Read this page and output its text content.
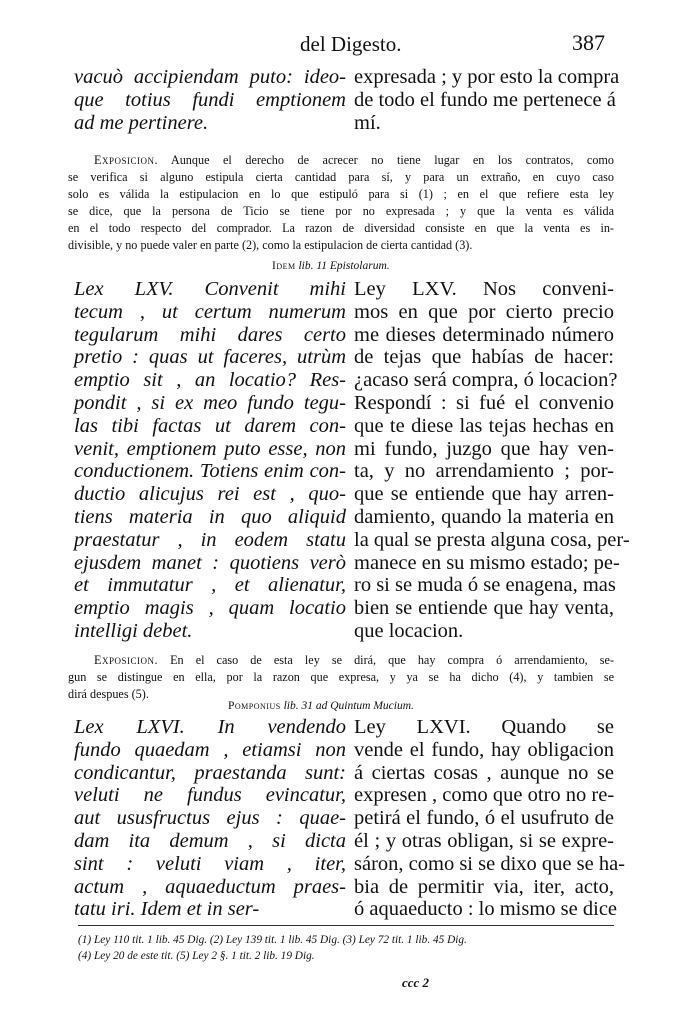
del Digesto.	387
vacuò accipiendam puto: ideo-
que totius fundi emptionem
ad me pertinere.
expresada ; y por esto la compra
de todo el fundo me pertenece á
mí.
Exposicion. Aunque el derecho de acrecer no tiene lugar en los contratos, como
se verifica si alguno estipula cierta cantidad para sí, y para un extraño, en cuyo caso
solo es válida la estipulacion en lo que estipuló para si (1) ; en el que refiere esta ley
se dice, que la persona de Ticio se tiene por no expresada ; y que la venta es válida
en el todo respecto del comprador. La razon de diversidad consiste en que la venta es in-
divisible, y no puede valer en parte (2), como la estipulacion de cierta cantidad (3).
Idem lib. 11 Epistolarum.
Lex LXV. Convenit mihi
tecum , ut certum numerum
tegularum mihi dares certo
pretio : quas ut faceres, utrùm
emptio sit , an locatio? Res-
pondit , si ex meo fundo tegu-
las tibi factas ut darem con-
venit, emptionem puto esse, non
conductionem. Totiens enim con-
ductio alicujus rei est , quo-
tiens materia in quo aliquid
praestatur , in eodem statu
ejusdem manet : quotiens verò
et immutatur , et alienatur,
emptio magis , quam locatio
intelligi debet.
Ley LXV. Nos conveni-
mos en que por cierto precio
me dieses determinado número
de tejas que habías de hacer:
¿acaso será compra, ó locacion?
Respondí : si fué el convenio
que te diese las tejas hechas en
mi fundo, juzgo que hay ven-
ta, y no arrendamiento ; por-
que se entiende que hay arren-
damiento, quando la materia en
la qual se presta alguna cosa, per-
manece en su mismo estado; pe-
ro si se muda ó se enagena, mas
bien se entiende que hay venta,
que locacion.
Exposicion. En el caso de esta ley se dirá, que hay compra ó arrendamiento, se-
gun se distingue en ella, por la razon que expresa, y ya se ha dicho (4), y tambien se
dirá despues (5).
Pomponius lib. 31 ad Quintum Mucium.
Lex LXVI. In vendendo
fundo quaedam , etiamsi non
condicantur, praestanda sunt:
veluti ne fundus evincatur,
aut ususfructus ejus : quae-
dam ita demum , si dicta
sint : veluti viam , iter,
actum , aquaeductum praes-
tatu iri. Idem et in ser-
Ley LXVI. Quando se
vende el fundo, hay obligacion
á ciertas cosas , aunque no se
expresen , como que otro no re-
petirá el fundo, ó el usufruto de
él ; y otras obligan, si se expre-
sáron, como si se dixo que se ha-
bia de permitir via, iter, acto,
ó aquaeducto : lo mismo se dice
(1) Ley 110 tit. 1 lib. 45 Dig. (2) Ley 139 tit. 1 lib. 45 Dig. (3) Ley 72 tit. 1 lib. 45 Dig.
(4) Ley 20 de este tit. (5) Ley 2 §. 1 tit. 2 lib. 19 Dig.
ccc 2
